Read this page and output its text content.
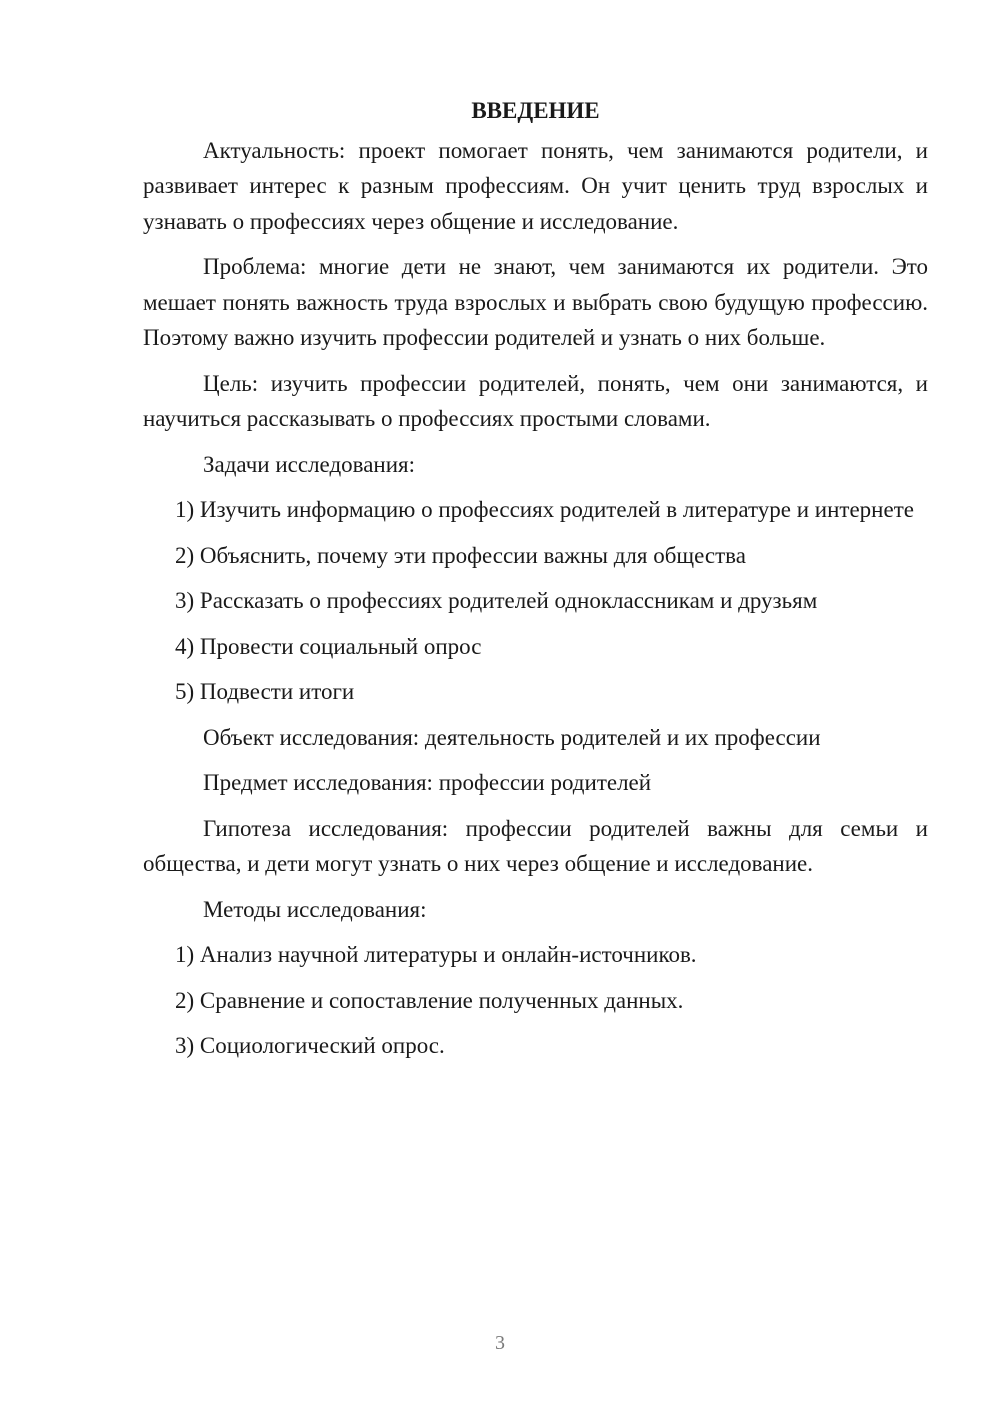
ВВЕДЕНИЕ

Актуальность: проект помогает понять, чем занимаются родители, и развивает интерес к разным профессиям. Он учит ценить труд взрослых и узнавать о профессиях через общение и исследование.

Проблема: многие дети не знают, чем занимаются их родители. Это мешает понять важность труда взрослых и выбрать свою будущую профессию. Поэтому важно изучить профессии родителей и узнать о них больше.

Цель: изучить профессии родителей, понять, чем они занимаются, и научиться рассказывать о профессиях простыми словами.

Задачи исследования:

1) Изучить информацию о профессиях родителей в литературе и интернете

2) Объяснить, почему эти профессии важны для общества

3) Рассказать о профессиях родителей одноклассникам и друзьям

4) Провести социальный опрос

5) Подвести итоги

Объект исследования: деятельность родителей и их профессии

Предмет исследования: профессии родителей

Гипотеза исследования: профессии родителей важны для семьи и общества, и дети могут узнать о них через общение и исследование.

Методы исследования:

1) Анализ научной литературы и онлайн-источников.

2) Сравнение и сопоставление полученных данных.

3) Социологический опрос.

3
